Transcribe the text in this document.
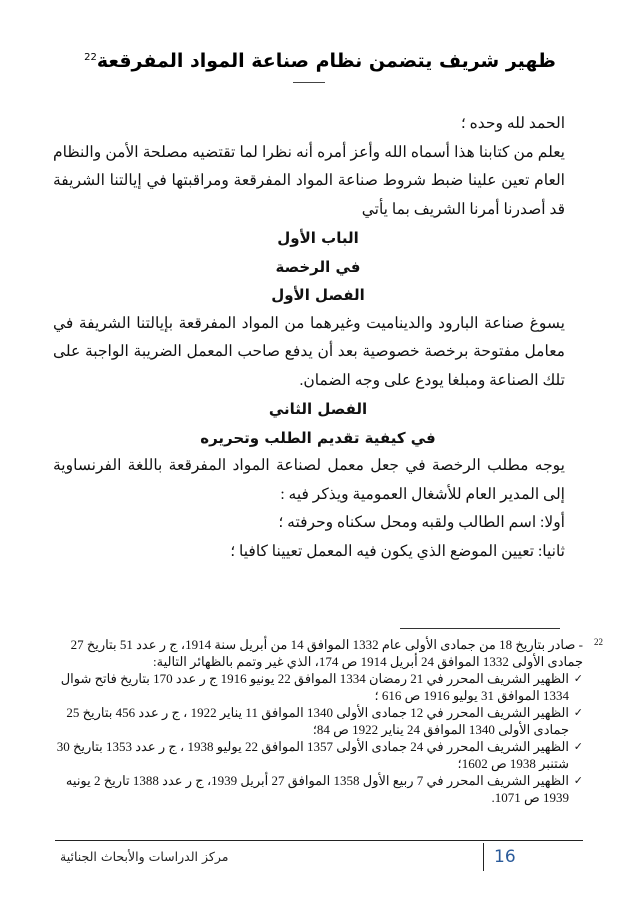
ظهير شريف يتضمن نظام صناعة المواد المفرقعة$^{22}$

الحمد لله وحده ؛

يعلم من كتابنا هذا أسماه الله وأعز أمره أنه نظرا لما تقتضيه مصلحة الأمن والنظام العام تعين علينا ضبط شروط صناعة المواد المفرقعة ومراقبتها في إيالتنا الشريفة قد أصدرنا أمرنا الشريف بما يأتي

الباب الأول

في الرخصة

الفصل الأول

يسوغ صناعة البارود والديناميت وغيرهما من المواد المفرقعة بإيالتنا الشريفة في معامل مفتوحة برخصة خصوصية بعد أن يدفع صاحب المعمل الضريبة الواجبة على تلك الصناعة ومبلغا يودع على وجه الضمان.

الفصل الثاني

في كيفية تقديم الطلب وتحريره

يوجه مطلب الرخصة في جعل معمل لصناعة المواد المفرقعة باللغة الفرنساوية إلى المدير العام للأشغال العمومية ويذكر فيه :

أولا: اسم الطالب ولقبه ومحل سكناه وحرفته ؛

ثانيا: تعيين الموضع الذي يكون فيه المعمل تعيينا كافيا ؛

22

- صادر بتاريخ 18 من جمادى الأولى عام 1332 الموافق 14 من أبريل سنة 1914، ج ر عدد 51 بتاريخ 27 جمادى الأولى 1332 الموافق 24 أبريل 1914 ص 174، الذي غير وتمم بالظهائر التالية:

✓
الظهير الشريف المحرر في 21 رمضان 1334 الموافق 22 يونيو 1916 ج ر عدد 170 بتاريخ فاتح شوال 1334 الموافق 31 يوليو 1916 ص 616 ؛
✓
الظهير الشريف المحرر في 12 جمادى الأولى 1340 الموافق 11 يناير 1922 ، ج ر عدد 456 بتاريخ 25 جمادى الأولى 1340 الموافق 24 يناير 1922 ص 84؛
✓
الظهير الشريف المحرر في 24 جمادى الأولى 1357 الموافق 22 يوليو 1938 ، ج ر عدد 1353 بتاريخ 30 شتنبر 1938 ص 1602؛
✓
الظهير الشريف المحرر في 7 ربيع الأول 1358 الموافق 27 أبريل 1939، ج ر عدد 1388 تاريخ 2 يونيه 1939 ص 1071.
16
مركز الدراسات والأبحاث الجنائية
